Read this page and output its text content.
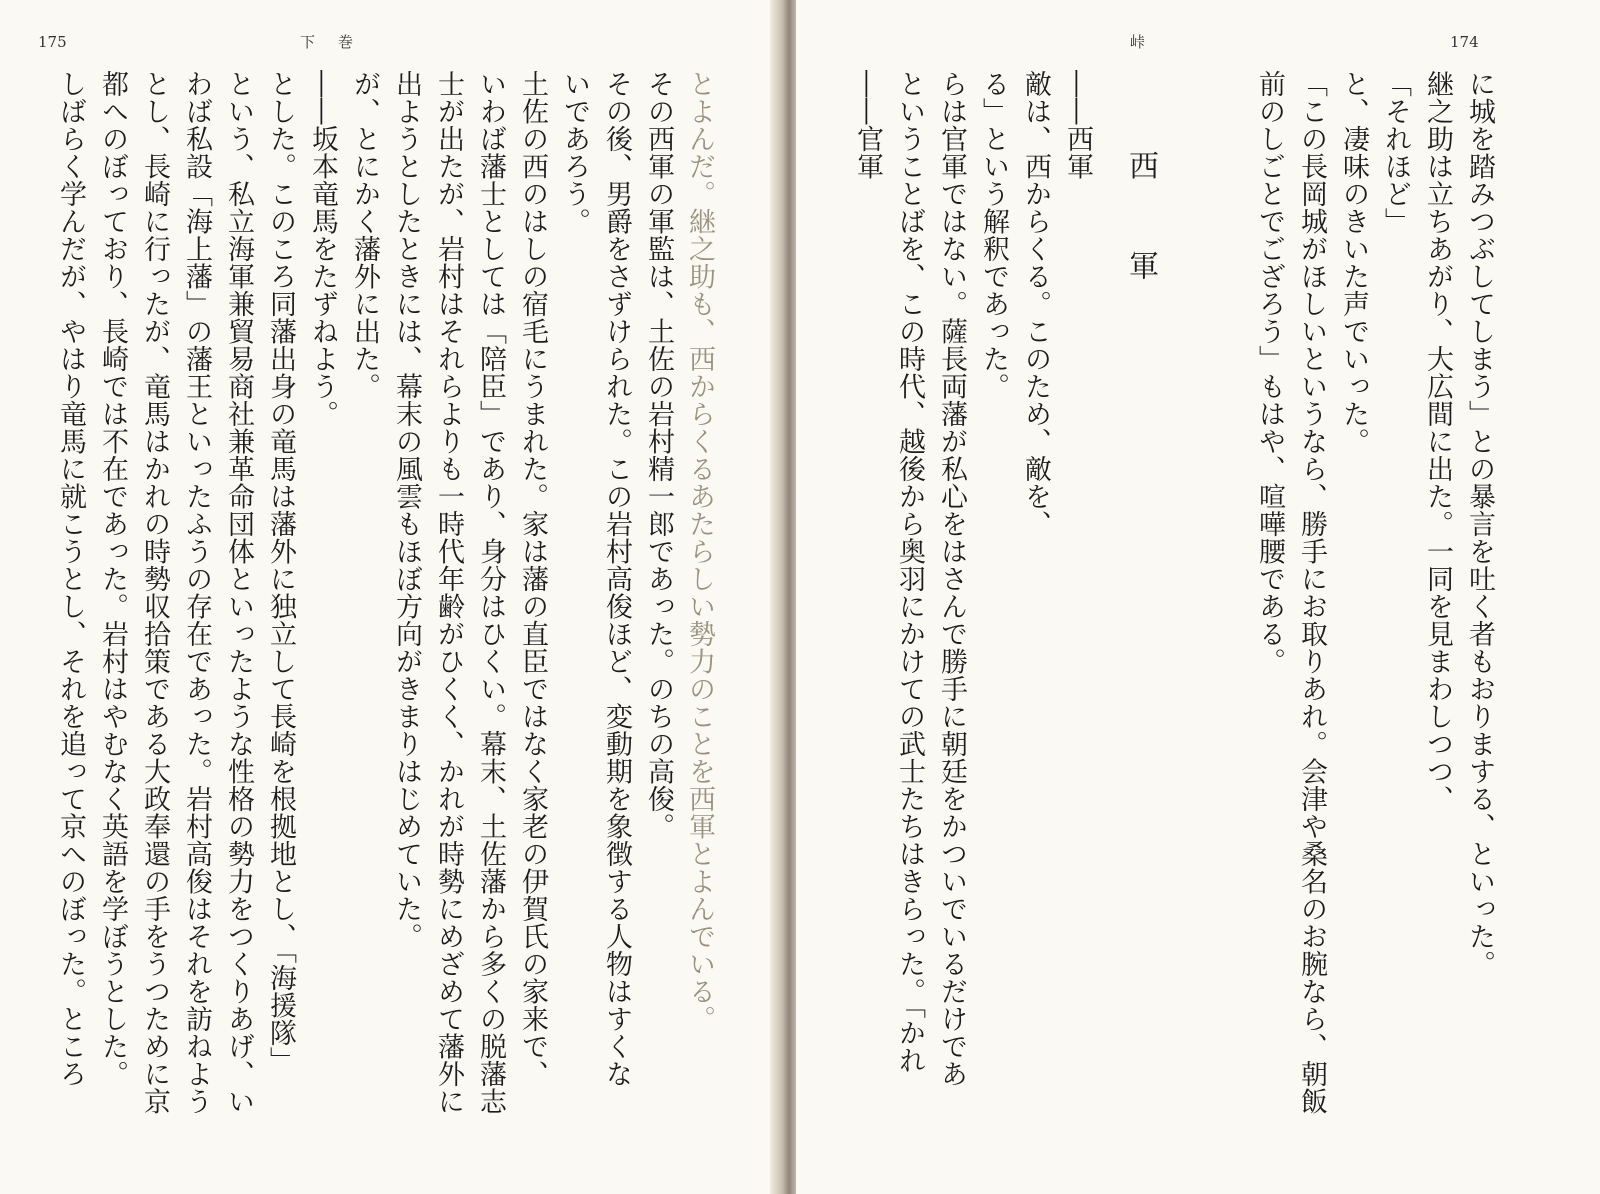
175	下　巻
とよんだ。継之助も、西からくるあたらしい勢力のことを西軍とよんでいる。
その西軍の軍監は、土佐の岩村精一郎であった。のちの高俊。
その後、男爵をさずけられた。この岩村高俊ほど、変動期を象徴する人物はすくな
いであろう。
土佐の西のはしの宿毛にうまれた。家は藩の直臣ではなく家老の伊賀氏の家来で、
いわば藩士としては「陪臣」であり、身分はひくい。幕末、土佐藩から多くの脱藩志
士が出たが、岩村はそれらよりも一時代年齢がひくく、かれが時勢にめざめて藩外に
出ようとしたときには、幕末の風雲もほぼ方向がきまりはじめていた。
が、とにかく藩外に出た。
――坂本竜馬をたずねよう。
とした。このころ同藩出身の竜馬は藩外に独立して長崎を根拠地とし、「海援隊」
という、私立海軍兼貿易商社兼革命団体といったような性格の勢力をつくりあげ、い
わば私設「海上藩」の藩王といったふうの存在であった。岩村高俊はそれを訪ねよう
とし、長崎に行ったが、竜馬はかれの時勢収拾策である大政奉還の手をうつために京
都へのぼっており、長崎では不在であった。岩村はやむなく英語を学ぼうとした。
しばらく学んだが、やはり竜馬に就こうとし、それを追って京へのぼった。ところ
峠	174
に城を踏みつぶしてしまう」との暴言を吐く者もおりまする、といった。
継之助は立ちあがり、大広間に出た。一同を見まわしつつ、
「それほど」
と、凄味のきいた声でいった。
「この長岡城がほしいというなら、勝手にお取りあれ。会津や桑名のお腕なら、朝飯
前のしごとでござろう」もはや、喧嘩腰である。
西軍
――西軍
敵は、西からくる。このため、敵を、
る」という解釈であった。
らは官軍ではない。薩長両藩が私心をはさんで勝手に朝廷をかついでいるだけであ
ということばを、この時代、越後から奥羽にかけての武士たちはきらった。「かれ
――官軍
